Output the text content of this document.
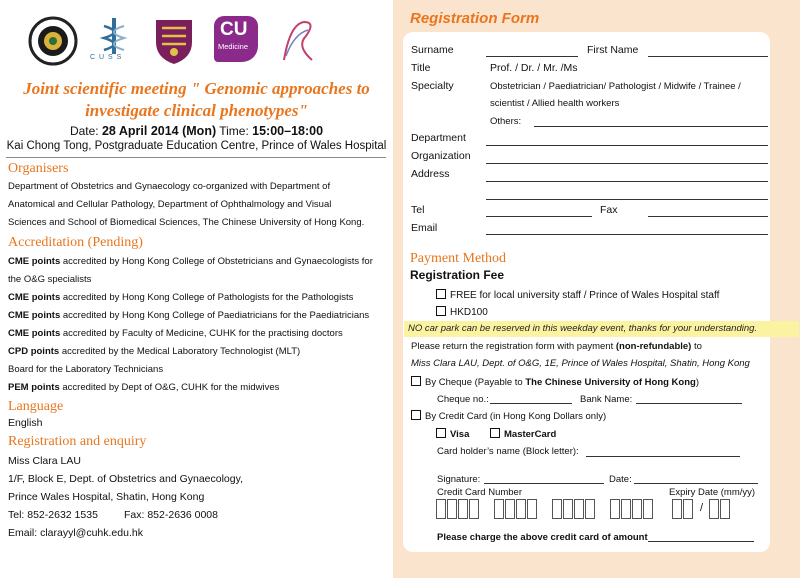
C U S S
CU
Medicine
Joint scientific meeting " Genomic approaches to
investigate clinical phenotypes"
Date: 28 April 2014 (Mon) Time: 15:00–18:00
Kai Chong Tong, Postgraduate Education Centre, Prince of Wales Hospital
Organisers
Department of Obstetrics and Gynaecology co-organized with Department of
Anatomical and Cellular Pathology, Department of Ophthalmology and Visual
Sciences and School of Biomedical Sciences, The Chinese University of Hong Kong.
Accreditation (Pending)
CME points accredited by Hong Kong College of Obstetricians and Gynaecologists for
the O&G specialists
CME points accredited by Hong Kong College of Pathologists for the Pathologists
CME points accredited by Hong Kong College of Paediatricians for the Paediatricians
CME points accredited by Faculty of Medicine, CUHK for the practising doctors
CPD points accredited by the Medical Laboratory Technologist (MLT)
Board for the Laboratory Technicians
PEM points accredited by Dept of O&G, CUHK for the midwives
Language
English
Registration and enquiry
Miss Clara LAU
1/F, Block E, Dept. of Obstetrics and Gynaecology,
Prince Wales Hospital, Shatin, Hong Kong
Tel: 852-2632 1535 Fax: 852-2636 0008
Email: clarayyl@cuhk.edu.hk
Registration Form
Surname	First Name
Title	Prof. / Dr. / Mr. /Ms
Specialty	Obstetrician / Paediatrician/ Pathologist / Midwife / Trainee /
scientist / Allied health workers
Others:
Department
Organization
Address
Tel	Fax
Email
Payment Method
Registration Fee
FREE for local university staff / Prince of Wales Hospital staff
HKD100
NO car park can be reserved in this weekday event, thanks for your understanding.
Please return the registration form with payment (non-refundable) to
Miss Clara LAU, Dept. of O&G, 1E, Prince of Wales Hospital, Shatin, Hong Kong
By Cheque (Payable to The Chinese University of Hong Kong)
Cheque no.:	Bank Name:
By Credit Card (in Hong Kong Dollars only)
Visa	MasterCard
Card holder’s name (Block letter):
Signature:	Date:
Credit Card Number	Expiry Date (mm/yy)
/
Please charge the above credit card of amount
